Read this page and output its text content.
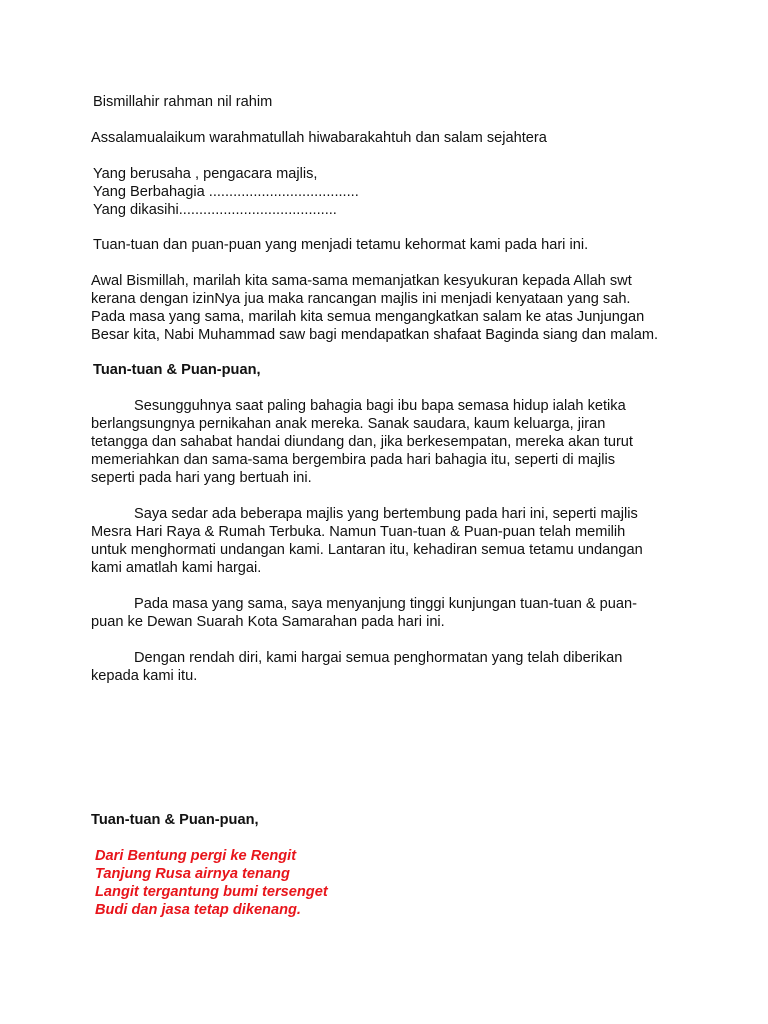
Bismillahir rahman nil rahim
Assalamualaikum warahmatullah hiwabarakahtuh dan salam sejahtera
Yang berusaha , pengacara majlis,
Yang Berbahagia .....................................
Yang dikasihi.......................................
Tuan-tuan dan puan-puan yang menjadi tetamu kehormat kami pada hari ini.
Awal Bismillah, marilah kita sama-sama memanjatkan kesyukuran kepada Allah swt
kerana dengan izinNya jua maka rancangan majlis ini menjadi kenyataan yang sah.
Pada masa yang sama, marilah kita semua mengangkatkan salam ke atas Junjungan
Besar kita, Nabi Muhammad saw bagi mendapatkan shafaat Baginda siang dan malam.
Tuan-tuan & Puan-puan,
Sesungguhnya saat paling bahagia bagi ibu bapa semasa hidup ialah ketika
berlangsungnya pernikahan anak mereka. Sanak saudara, kaum keluarga, jiran
tetangga dan sahabat handai diundang dan, jika berkesempatan, mereka akan turut
memeriahkan dan sama-sama bergembira pada hari bahagia itu, seperti di majlis
seperti pada hari yang bertuah ini.
Saya sedar ada beberapa majlis yang bertembung pada hari ini, seperti majlis
Mesra Hari Raya & Rumah Terbuka. Namun Tuan-tuan & Puan-puan telah memilih
untuk menghormati undangan kami. Lantaran itu, kehadiran semua tetamu undangan
kami amatlah kami hargai.
Pada masa yang sama, saya menyanjung tinggi kunjungan tuan-tuan & puan-
puan ke Dewan Suarah Kota Samarahan pada hari ini.
Dengan rendah diri, kami hargai semua penghormatan yang telah diberikan
kepada kami itu.
Tuan-tuan & Puan-puan,
Dari Bentung pergi ke Rengit
Tanjung Rusa airnya tenang
Langit tergantung bumi tersenget
Budi dan jasa tetap dikenang.
